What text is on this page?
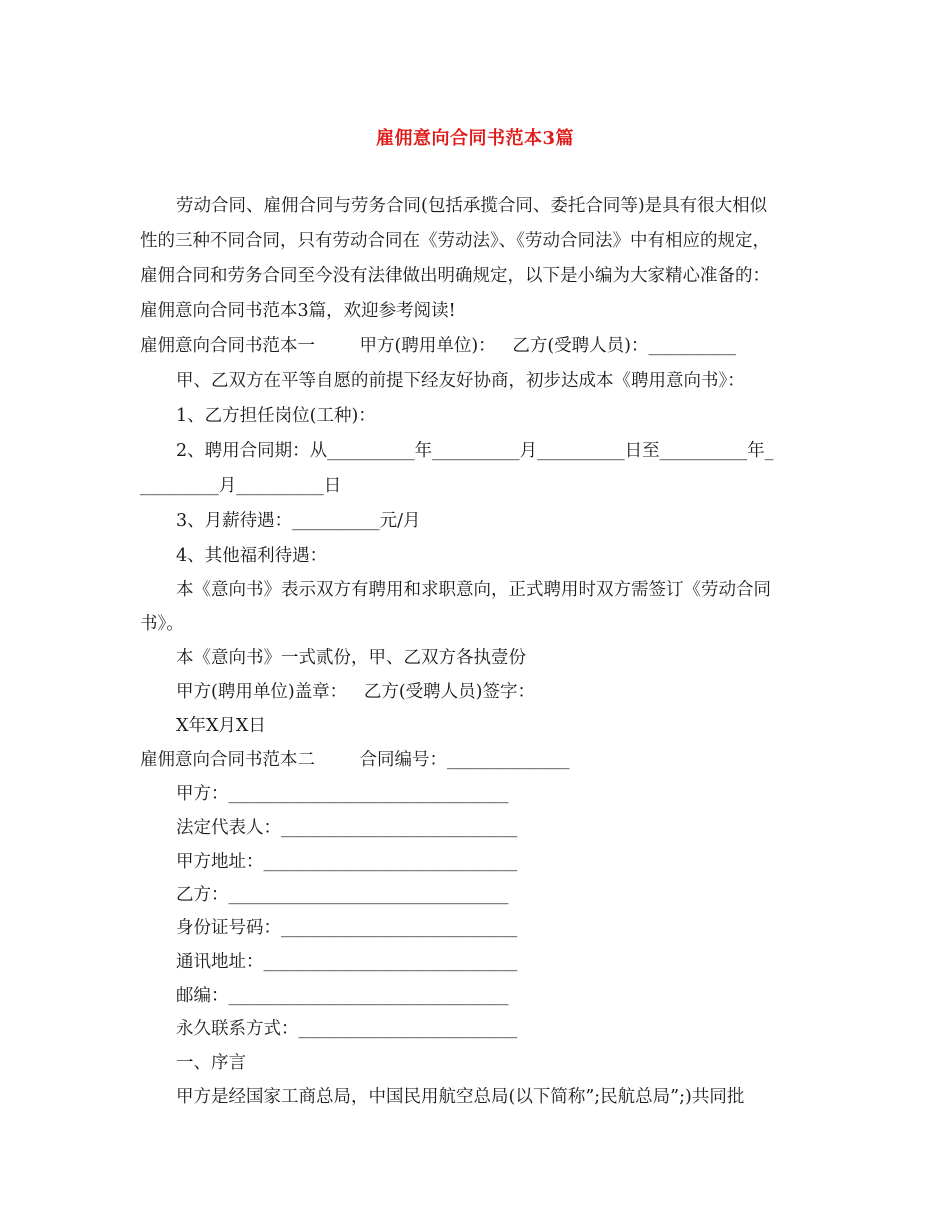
雇佣意向合同书范本3篇
劳动合同、雇佣合同与劳务合同(包括承揽合同、委托合同等)是具有很大相似
性的三种不同合同，只有劳动合同在《劳动法》、《劳动合同法》中有相应的规定，
雇佣合同和劳务合同至今没有法律做出明确规定，以下是小编为大家精心准备的：
雇佣意向合同书范本3篇，欢迎参考阅读!
雇佣意向合同书范本一        甲方(聘用单位)：   乙方(受聘人员)：__________
甲、乙双方在平等自愿的前提下经友好协商，初步达成本《聘用意向书》：
1、乙方担任岗位(工种)：
2、聘用合同期：从__________年__________月__________日至__________年_
_________月__________日
3、月薪待遇：__________元/月
4、其他福利待遇：
本《意向书》表示双方有聘用和求职意向，正式聘用时双方需签订《劳动合同
书》。
本《意向书》一式贰份，甲、乙双方各执壹份
甲方(聘用单位)盖章：   乙方(受聘人员)签字：
X年X月X日
雇佣意向合同书范本二        合同编号：______________
甲方：________________________________
法定代表人：___________________________
甲方地址：_____________________________
乙方：________________________________
身份证号码：___________________________
通讯地址：_____________________________
邮编：________________________________
永久联系方式：_________________________
一、序言
甲方是经国家工商总局，中国民用航空总局(以下简称”;民航总局”;)共同批
